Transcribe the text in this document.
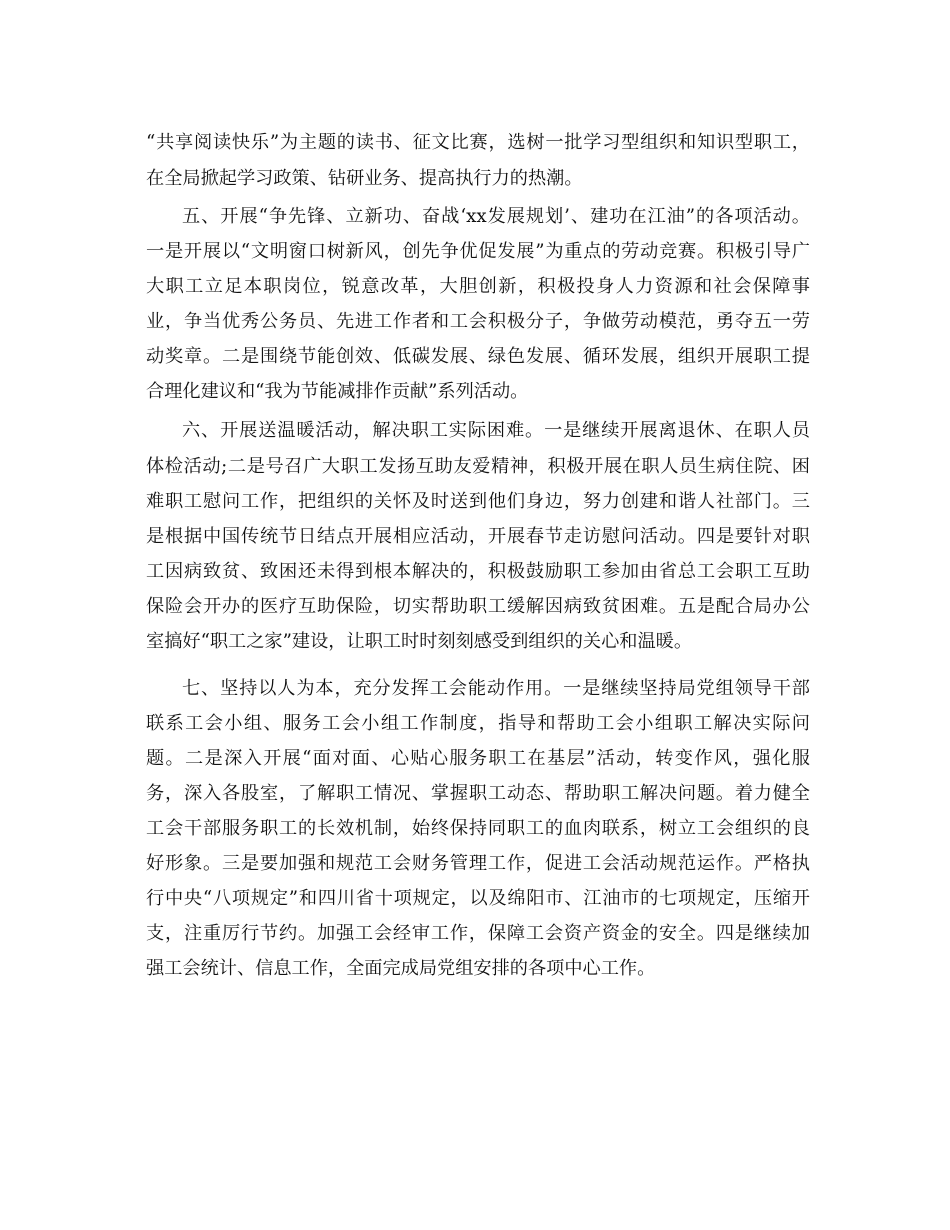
“共享阅读快乐”为主题的读书、征文比赛，选树一批学习型组织和知识型职工，
在全局掀起学习政策、钻研业务、提高执行力的热潮。
五、开展“争先锋、立新功、奋战‘xx发展规划’、建功在江油”的各项活动。
一是开展以“文明窗口树新风，创先争优促发展”为重点的劳动竞赛。积极引导广
大职工立足本职岗位，锐意改革，大胆创新，积极投身人力资源和社会保障事
业，争当优秀公务员、先进工作者和工会积极分子，争做劳动模范，勇夺五一劳
动奖章。二是围绕节能创效、低碳发展、绿色发展、循环发展，组织开展职工提
合理化建议和“我为节能减排作贡献”系列活动。
六、开展送温暖活动，解决职工实际困难。一是继续开展离退休、在职人员
体检活动;二是号召广大职工发扬互助友爱精神，积极开展在职人员生病住院、困
难职工慰问工作，把组织的关怀及时送到他们身边，努力创建和谐人社部门。三
是根据中国传统节日结点开展相应活动，开展春节走访慰问活动。四是要针对职
工因病致贫、致困还未得到根本解决的，积极鼓励职工参加由省总工会职工互助
保险会开办的医疗互助保险，切实帮助职工缓解因病致贫困难。五是配合局办公
室搞好“职工之家”建设，让职工时时刻刻感受到组织的关心和温暖。
七、坚持以人为本，充分发挥工会能动作用。一是继续坚持局党组领导干部
联系工会小组、服务工会小组工作制度，指导和帮助工会小组职工解决实际问
题。二是深入开展“面对面、心贴心服务职工在基层”活动，转变作风，强化服
务，深入各股室，了解职工情况、掌握职工动态、帮助职工解决问题。着力健全
工会干部服务职工的长效机制，始终保持同职工的血肉联系，树立工会组织的良
好形象。三是要加强和规范工会财务管理工作，促进工会活动规范运作。严格执
行中央“八项规定”和四川省十项规定，以及绵阳市、江油市的七项规定，压缩开
支，注重厉行节约。加强工会经审工作，保障工会资产资金的安全。四是继续加
强工会统计、信息工作，全面完成局党组安排的各项中心工作。
